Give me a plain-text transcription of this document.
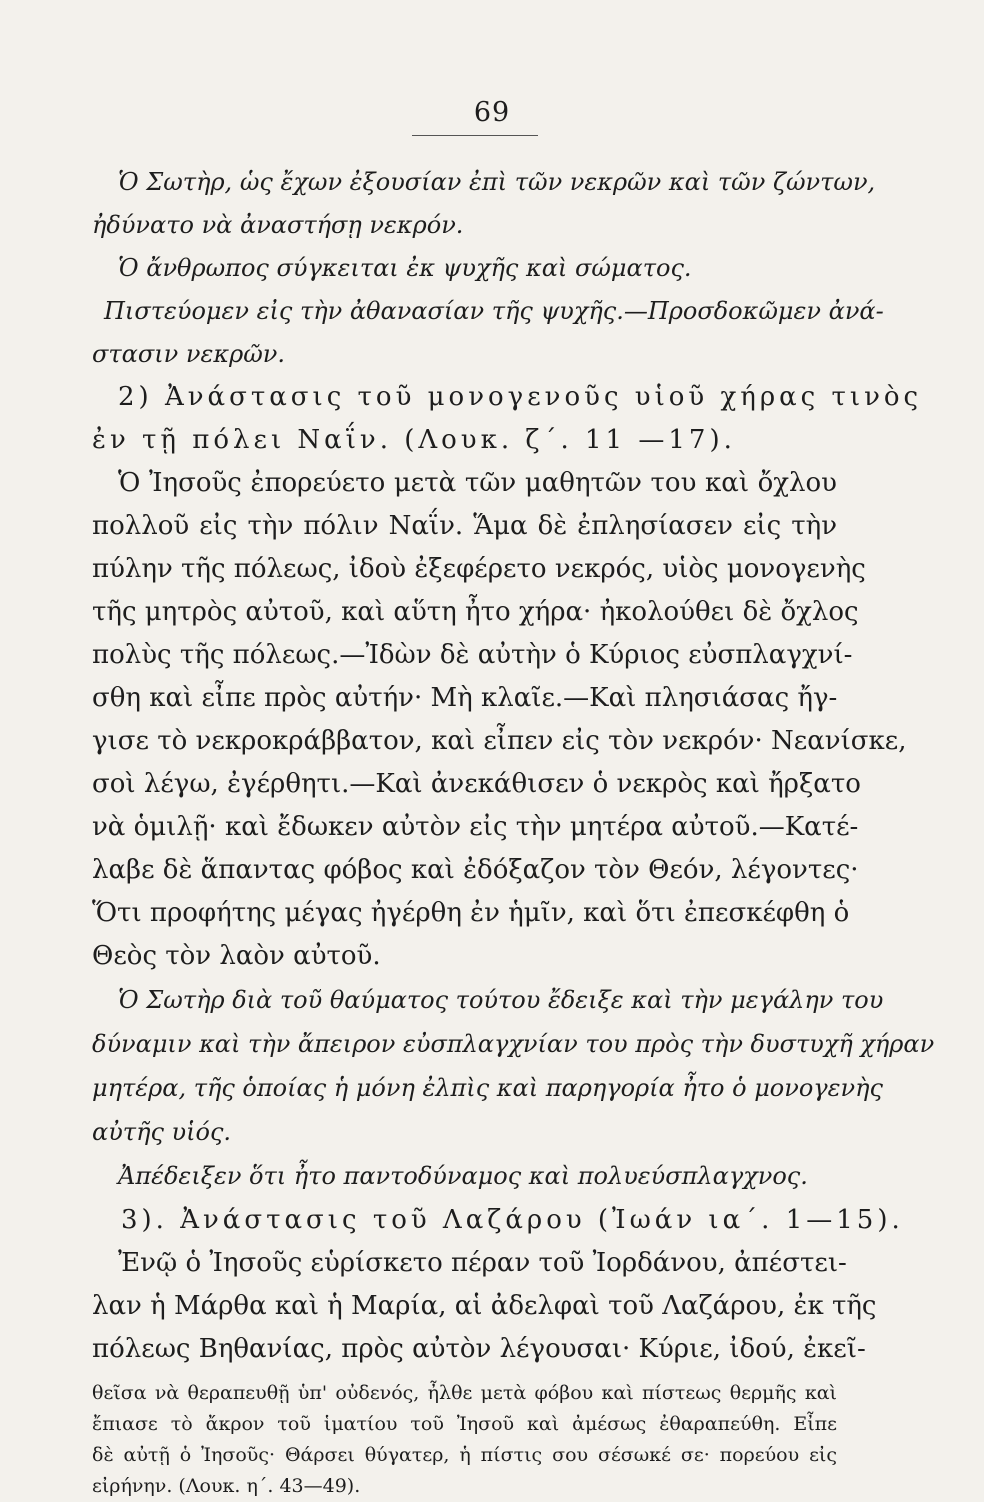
69
Ὁ Σωτὴρ, ὡς ἔχων ἐξουσίαν ἐπὶ τῶν νεκρῶν καὶ τῶν ζώντων,
ἠδύνατο νὰ ἀναστήσῃ νεκρόν.
Ὁ ἄνθρωπος σύγκειται ἐκ ψυχῆς καὶ σώματος.
Πιστεύομεν εἰς τὴν ἀθανασίαν τῆς ψυχῆς.—Προσδοκῶμεν ἀνά-
στασιν νεκρῶν.
2) Ἀνάστασις τοῦ μονογενοῦς υἱοῦ χήρας τινὸς
ἐν τῇ πόλει Ναΐν. (Λουκ. ζ΄. 11 —17).
Ὁ Ἰησοῦς ἐπορεύετο μετὰ τῶν μαθητῶν του καὶ ὄχλου
πολλοῦ εἰς τὴν πόλιν Ναΐν. Ἅμα δὲ ἐπλησίασεν εἰς τὴν
πύλην τῆς πόλεως, ἰδοὺ ἐξεφέρετο νεκρός, υἱὸς μονογενὴς
τῆς μητρὸς αὐτοῦ, καὶ αὕτη ἦτο χήρα· ἠκολούθει δὲ ὄχλος
πολὺς τῆς πόλεως.—Ἰδὼν δὲ αὐτὴν ὁ Κύριος εὐσπλαγχνί-
σθη καὶ εἶπε πρὸς αὐτήν· Μὴ κλαῖε.—Καὶ πλησιάσας ἤγ-
γισε τὸ νεκροκράββατον, καὶ εἶπεν εἰς τὸν νεκρόν· Νεανίσκε,
σοὶ λέγω, ἐγέρθητι.—Καὶ ἀνεκάθισεν ὁ νεκρὸς καὶ ἤρξατο
νὰ ὁμιλῇ· καὶ ἔδωκεν αὐτὸν εἰς τὴν μητέρα αὐτοῦ.—Κατέ-
λαβε δὲ ἅπαντας φόβος καὶ ἐδόξαζον τὸν Θεόν, λέγοντες·
Ὅτι προφήτης μέγας ἠγέρθη ἐν ἡμῖν, καὶ ὅτι ἐπεσκέφθη ὁ
Θεὸς τὸν λαὸν αὐτοῦ.
Ὁ Σωτὴρ διὰ τοῦ θαύματος τούτου ἔδειξε καὶ τὴν μεγάλην του
δύναμιν καὶ τὴν ἄπειρον εὐσπλαγχνίαν του πρὸς τὴν δυστυχῆ χήραν
μητέρα, τῆς ὁποίας ἡ μόνη ἐλπὶς καὶ παρηγορία ἦτο ὁ μονογενὴς
αὐτῆς υἱός.
Ἀπέδειξεν ὅτι ἦτο παντοδύναμος καὶ πολυεύσπλαγχνος.
3). Ἀνάστασις τοῦ Λαζάρου (Ἰωάν ια΄. 1—15).
Ἐνῷ ὁ Ἰησοῦς εὑρίσκετο πέραν τοῦ Ἰορδάνου, ἀπέστει-
λαν ἡ Μάρθα καὶ ἡ Μαρία, αἱ ἀδελφαὶ τοῦ Λαζάρου, ἐκ τῆς
πόλεως Βηθανίας, πρὸς αὐτὸν λέγουσαι· Κύριε, ἰδού, ἐκεῖ-
θεῖσα νὰ θεραπευθῇ ὑπ' οὐδενός, ἦλθε μετὰ φόβου καὶ πίστεως θερμῆς καὶ
ἔπιασε τὸ ἄκρον τοῦ ἱματίου τοῦ Ἰησοῦ καὶ ἀμέσως ἐθαραπεύθη. Εἶπε
δὲ αὐτῇ ὁ Ἰησοῦς· Θάρσει θύγατερ, ἡ πίστις σου σέσωκέ σε· πορεύου εἰς
εἰρήνην. (Λουκ. η΄. 43—49).
